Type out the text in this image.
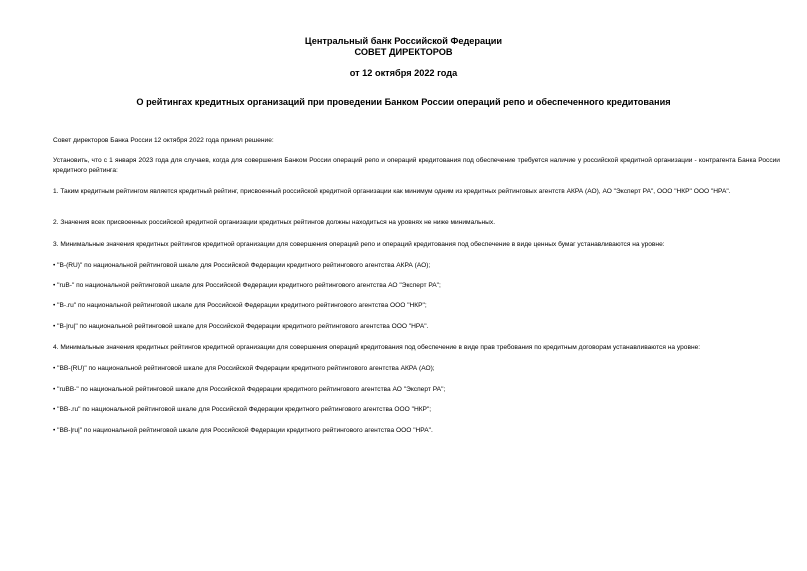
Центральный банк Российской Федерации
СОВЕТ ДИРЕКТОРОВ
от 12 октября 2022 года
О рейтингах кредитных организаций при проведении Банком России операций репо и обеспеченного кредитования
Совет директоров Банка России 12 октября 2022 года принял решение:
Установить, что с 1 января 2023 года для случаев, когда для совершения Банком России операций репо и операций кредитования под обеспечение требуется наличие у российской кредитной организации - контрагента Банка России кредитного рейтинга:
1. Таким кредитным рейтингом является кредитный рейтинг, присвоенный российской кредитной организации как минимум одним из кредитных рейтинговых агентств АКРА (АО), АО "Эксперт РА", ООО "НКР" ООО "НРА".
2. Значения всех присвоенных российской кредитной организации кредитных рейтингов должны находиться на уровнях не ниже минимальных.
3. Минимальные значения кредитных рейтингов кредитной организации для совершения операций репо и операций кредитования под обеспечение в виде ценных бумаг устанавливаются на уровне:
• "B-(RU)" по национальной рейтинговой шкале для Российской Федерации кредитного рейтингового агентства АКРА (АО);
• "ruB-" по национальной рейтинговой шкале для Российской Федерации кредитного рейтингового агентства АО "Эксперт РА";
• "B-.ru" по национальной рейтинговой шкале для Российской Федерации кредитного рейтингового агентства ООО "НКР";
• "B-|ru|" по национальной рейтинговой шкале для Российской Федерации кредитного рейтингового агентства ООО "НРА".
4. Минимальные значения кредитных рейтингов кредитной организации для совершения операций кредитования под обеспечение в виде прав требования по кредитным договорам устанавливаются на уровне:
• "BB-(RU)" по национальной рейтинговой шкале для Российской Федерации кредитного рейтингового агентства АКРА (АО);
• "ruBB-" по национальной рейтинговой шкале для Российской Федерации кредитного рейтингового агентства АО "Эксперт РА";
• "BB-.ru" по национальной рейтинговой шкале для Российской Федерации кредитного рейтингового агентства ООО "НКР";
• "BB-|ru|" по национальной рейтинговой шкале для Российской Федерации кредитного рейтингового агентства ООО "НРА".
